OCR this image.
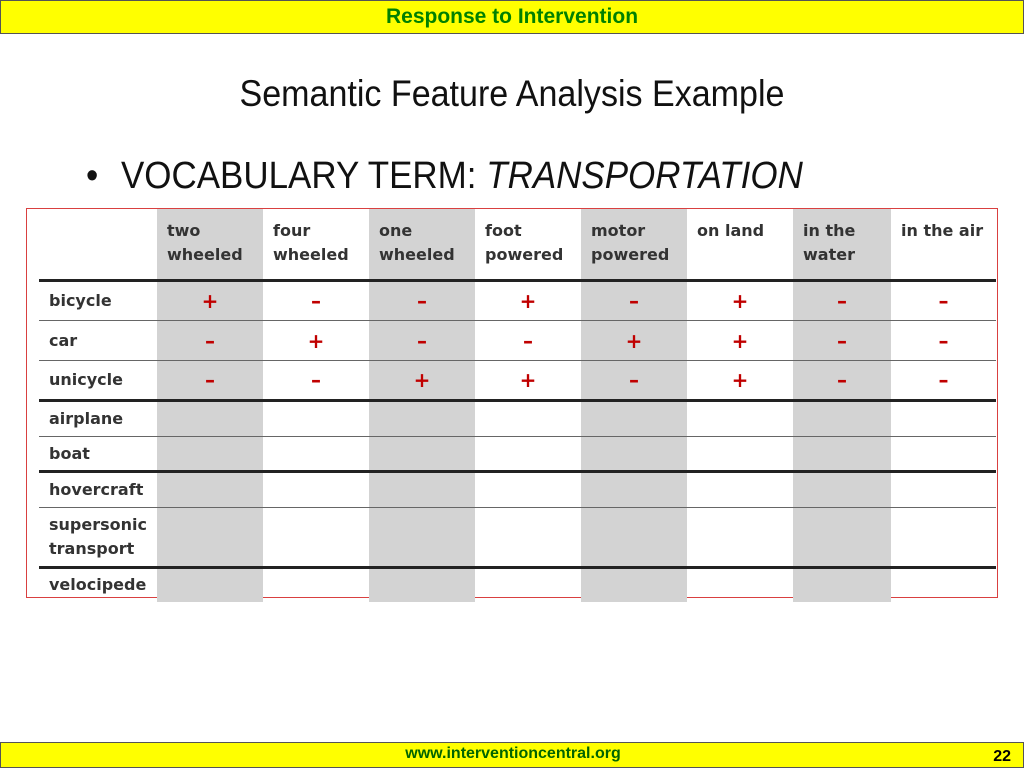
Response to Intervention
Semantic Feature Analysis Example
• VOCABULARY TERM: TRANSPORTATION
	two wheeled	four wheeled	one wheeled	foot powered	motor powered	on land	in the water	in the air
bicycle	+	–	–	+	–	+	–	–
car	–	+	–	–	+	+	–	–
unicycle	–	–	+	+	–	+	–	–
airplane								
boat								
hovercraft								
supersonic transport								
velocipede								
www.interventioncentral.org	22
